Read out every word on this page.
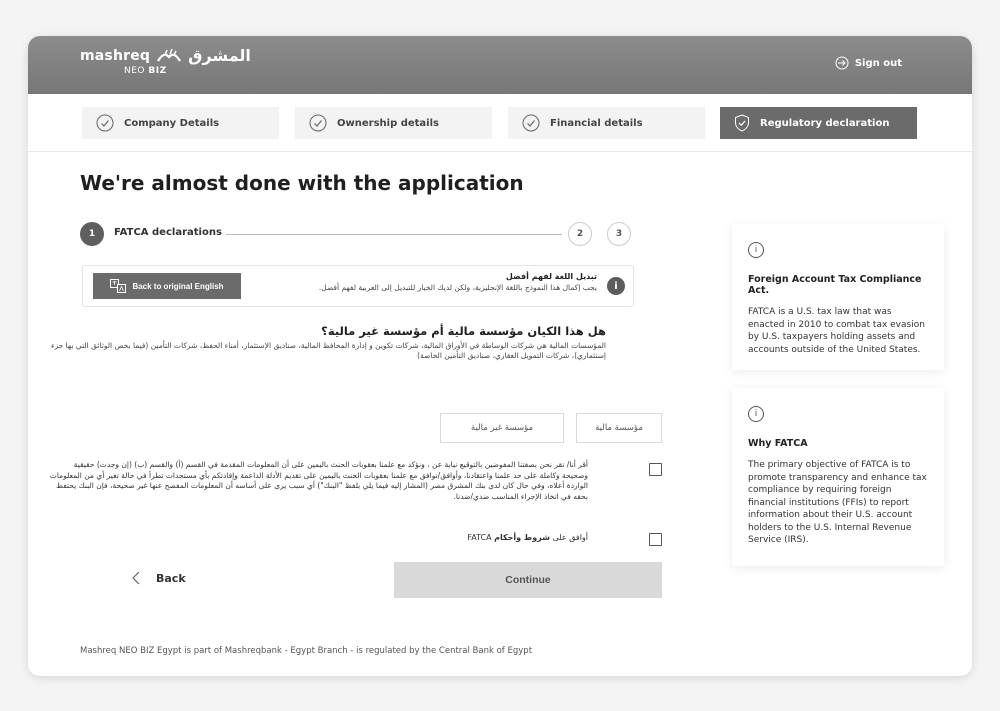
mashreq المشرق
NEO BIZ
Sign out
Company Details	Ownership details	Financial details	Regulatory declaration
We're almost done with the application
1	FATCA declarations	2	3
Back to original English
تبديل اللغة لفهم أفضل
يجب إكمال هذا النموذج باللغة الإنجليزية، ولكن لديك الخيار للتبديل إلى العربية لفهم أفضل.	i
هل هذا الكيان مؤسسة مالية أم مؤسسة غير مالية؟
المؤسسات المالية هي شركات الوساطة في الأوراق المالية، شركات تكوين و إدارة المحافظ المالية، صناديق الإستثمار، أمناء الحفظ، شركات التأمين (فيما يخص الوثائق التي بها جزء إستثماري)، شركات التمويل العقاري، صناديق التأمين الخاصة)
مؤسسة غير مالية	مؤسسة مالية
أقر أنا/ نقر نحن بصفتنا المفوضين بالتوقيع نيابة عن ، ونؤكد مع علمنا بعقوبات الحنث باليمين على أن المعلومات المقدمة في القسم (أ) والقسم (ب) (إن وجدت) حقيقية وصحيحة وكاملة على حد علمنا واعتقادنا، وأوافق/نوافق مع علمنا بعقوبات الحنث باليمين على تقديم الأدلة الداعمة وإفادتكم بأي مستجدات تطرأ في حالة تغير أي من المعلومات الواردة أعلاه، وفي حال كان لدى بنك المشرق مصر (المشار إليه فيما يلي بلفظ "البنك") أي سبب يرى على أساسه أن المعلومات المفصح عنها غير صحيحة، فإن البنك يحتفظ بحقه في اتخاذ الإجراء المناسب ضدي/ضدنا.
أوافق على شروط وأحكام FATCA
Back	Continue
i
Foreign Account Tax Compliance Act.
FATCA is a U.S. tax law that was enacted in 2010 to combat tax evasion by U.S. taxpayers holding assets and accounts outside of the United States.
i
Why FATCA
The primary objective of FATCA is to promote transparency and enhance tax compliance by requiring foreign financial institutions (FFIs) to report information about their U.S. account holders to the U.S. Internal Revenue Service (IRS).
Mashreq NEO BIZ Egypt is part of Mashreqbank - Egypt Branch - is regulated by the Central Bank of Egypt
